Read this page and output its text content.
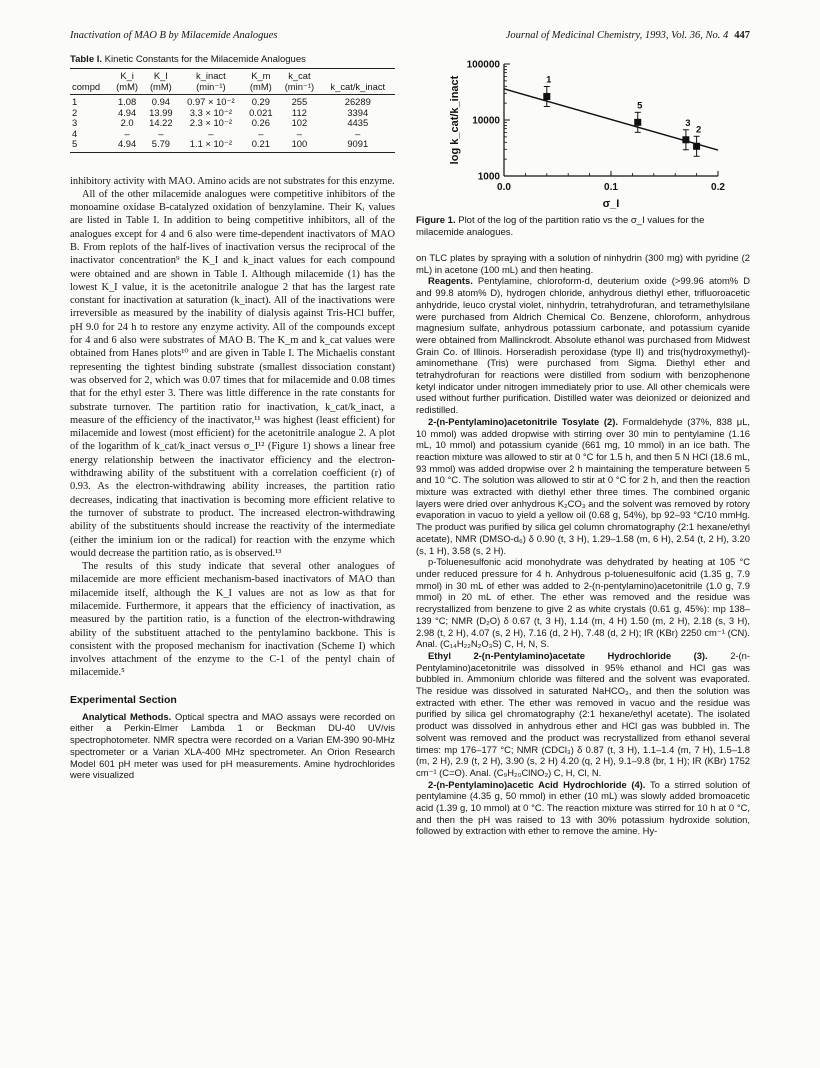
Inactivation of MAO B by Milacemide Analogues	Journal of Medicinal Chemistry, 1993, Vol. 36, No. 4 447
Table I. Kinetic Constants for the Milacemide Analogues
	K_i	K_I	k_inact	K_m	k_cat	
compd	(mM)	(mM)	(min⁻¹)	(mM)	(min⁻¹)	k_cat/k_inact
1	1.08	0.94	0.97 × 10⁻²	0.29	255	26289
2	4.94	13.99	3.3 × 10⁻²	0.021	112	3394
3	2.0	14.22	2.3 × 10⁻²	0.26	102	4435
4	–	–	–	–	–	–
5	4.94	5.79	1.1 × 10⁻²	0.21	100	9091

inhibitory activity with MAO. Amino acids are not substrates for this enzyme.

All of the other milacemide analogues were competitive inhibitors of the monoamine oxidase B-catalyzed oxidation of benzylamine. Their Kᵢ values are listed in Table I. In addition to being competitive inhibitors, all of the analogues except for 4 and 6 also were time-dependent inactivators of MAO B. From replots of the half-lives of inactivation versus the reciprocal of the inactivator concentration⁹ the K_I and k_inact values for each compound were obtained and are shown in Table I. Although milacemide (1) has the lowest K_I value, it is the acetonitrile analogue 2 that has the largest rate constant for inactivation at saturation (k_inact). All of the inactivations were irreversible as measured by the inability of dialysis against Tris-HCl buffer, pH 9.0 for 24 h to restore any enzyme activity. All of the compounds except for 4 and 6 also were substrates of MAO B. The K_m and k_cat values were obtained from Hanes plots¹⁰ and are given in Table I. The Michaelis constant representing the tightest binding substrate (smallest dissociation constant) was observed for 2, which was 0.07 times that for milacemide and 0.08 times that for the ethyl ester 3. There was little difference in the rate constants for substrate turnover. The partition ratio for inactivation, k_cat/k_inact, a measure of the efficiency of the inactivator,¹¹ was highest (least efficient) for milacemide and lowest (most efficient) for the acetonitrile analogue 2. A plot of the logarithm of k_cat/k_inact versus σ_I¹² (Figure 1) shows a linear free energy relationship between the inactivator efficiency and the electron-withdrawing ability of the substituent with a correlation coefficient (r) of 0.93. As the electron-withdrawing ability increases, the partition ratio decreases, indicating that inactivation is becoming more efficient relative to the turnover of substrate to product. The increased electron-withdrawing ability of the substituents should increase the reactivity of the intermediate (either the iminium ion or the radical) for reaction with the enzyme which would decrease the partition ratio, as is observed.¹³

The results of this study indicate that several other analogues of milacemide are more efficient mechanism-based inactivators of MAO than milacemide itself, although the K_I values are not as low as that for milacemide. Furthermore, it appears that the efficiency of inactivation, as measured by the partition ratio, is a function of the electron-withdrawing ability of the substituent attached to the pentylamino backbone. This is consistent with the proposed mechanism for inactivation (Scheme I) which involves attachment of the enzyme to the C-1 of the pentyl chain of milacemide.⁵

Experimental Section

Analytical Methods. Optical spectra and MAO assays were recorded on either a Perkin-Elmer Lambda 1 or Beckman DU-40 UV/vis spectrophotometer. NMR spectra were recorded on a Varian EM-390 90-MHz spectrometer or a Varian XLA-400 MHz spectrometer. An Orion Research Model 601 pH meter was used for pH measurements. Amine hydrochlorides were visualized

1000
10000
100000
0.0	0.1	0.2
σ_I
log k_cat/k_inact	1
5
3
2
Figure 1. Plot of the log of the partition ratio vs the σ_I values for the milacemide analogues.

on TLC plates by spraying with a solution of ninhydrin (300 mg) with pyridine (2 mL) in acetone (100 mL) and then heating.

Reagents. Pentylamine, chloroform-d, deuterium oxide (>99.96 atom% D and 99.8 atom% D), hydrogen chloride, anhydrous diethyl ether, trifluoroacetic anhydride, leuco crystal violet, ninhydrin, tetrahydrofuran, and tetramethylsilane were purchased from Aldrich Chemical Co. Benzene, chloroform, anhydrous magnesium sulfate, anhydrous potassium carbonate, and potassium cyanide were obtained from Mallinckrodt. Absolute ethanol was purchased from Midwest Grain Co. of Illinois. Horseradish peroxidase (type II) and tris(hydroxymethyl)-aminomethane (Tris) were purchased from Sigma. Diethyl ether and tetrahydrofuran for reactions were distilled from sodium with benzophenone ketyl indicator under nitrogen immediately prior to use. All other chemicals were used without further purification. Distilled water was deionized or deionized and redistilled.

2-(n-Pentylamino)acetonitrile Tosylate (2). Formaldehyde (37%, 838 μL, 10 mmol) was added dropwise with stirring over 30 min to pentylamine (1.16 mL, 10 mmol) and potassium cyanide (661 mg, 10 mmol) in an ice bath. The reaction mixture was allowed to stir at 0 °C for 1.5 h, and then 5 N HCl (18.6 mL, 93 mmol) was added dropwise over 2 h maintaining the temperature between 5 and 10 °C. The solution was allowed to stir at 0 °C for 2 h, and then the reaction mixture was extracted with diethyl ether three times. The combined organic layers were dried over anhydrous K₂CO₃ and the solvent was removed by rotory evaporation in vacuo to yield a yellow oil (0.68 g, 54%), bp 92–93 °C/10 mmHg. The product was purified by silica gel column chromatography (2:1 hexane/ethyl acetate), NMR (DMSO-d₆) δ 0.90 (t, 3 H), 1.29–1.58 (m, 6 H), 2.54 (t, 2 H), 3.20 (s, 1 H), 3.58 (s, 2 H).

p-Toluenesulfonic acid monohydrate was dehydrated by heating at 105 °C under reduced pressure for 4 h. Anhydrous p-toluenesulfonic acid (1.35 g, 7.9 mmol) in 30 mL of ether was added to 2-(n-pentylamino)acetonitrile (1.0 g, 7.9 mmol) in 20 mL of ether. The ether was removed and the residue was recrystallized from benzene to give 2 as white crystals (0.61 g, 45%): mp 138–139 °C; NMR (D₂O) δ 0.67 (t, 3 H), 1.14 (m, 4 H) 1.50 (m, 2 H), 2.18 (s, 3 H), 2.98 (t, 2 H), 4.07 (s, 2 H), 7.16 (d, 2 H), 7.48 (d, 2 H); IR (KBr) 2250 cm⁻¹ (CN). Anal. (C₁₄H₂₂N₂O₃S) C, H, N, S.

Ethyl 2-(n-Pentylamino)acetate Hydrochloride (3). 2-(n-Pentylamino)acetonitrile was dissolved in 95% ethanol and HCl gas was bubbled in. Ammonium chloride was filtered and the solvent was evaporated. The residue was dissolved in saturated NaHCO₃, and then the solution was extracted with ether. The ether was removed in vacuo and the residue was purified by silica gel chromatography (2:1 hexane/ethyl acetate). The isolated product was dissolved in anhydrous ether and HCl gas was bubbled in. The solvent was removed and the product was recrystallized from ethanol several times: mp 176–177 °C; NMR (CDCl₃) δ 0.87 (t, 3 H), 1.1–1.4 (m, 7 H), 1.5–1.8 (m, 2 H), 2.9 (t, 2 H), 3.90 (s, 2 H) 4.20 (q, 2 H), 9.1–9.8 (br, 1 H); IR (KBr) 1752 cm⁻¹ (C=O). Anal. (C₉H₂₀ClNO₂) C, H, Cl, N.

2-(n-Pentylamino)acetic Acid Hydrochloride (4). To a stirred solution of pentylamine (4.35 g, 50 mmol) in ether (10 mL) was slowly added bromoacetic acid (1.39 g, 10 mmol) at 0 °C. The reaction mixture was stirred for 10 h at 0 °C, and then the pH was raised to 13 with 30% potassium hydroxide solution, followed by extraction with ether to remove the amine. Hy-
